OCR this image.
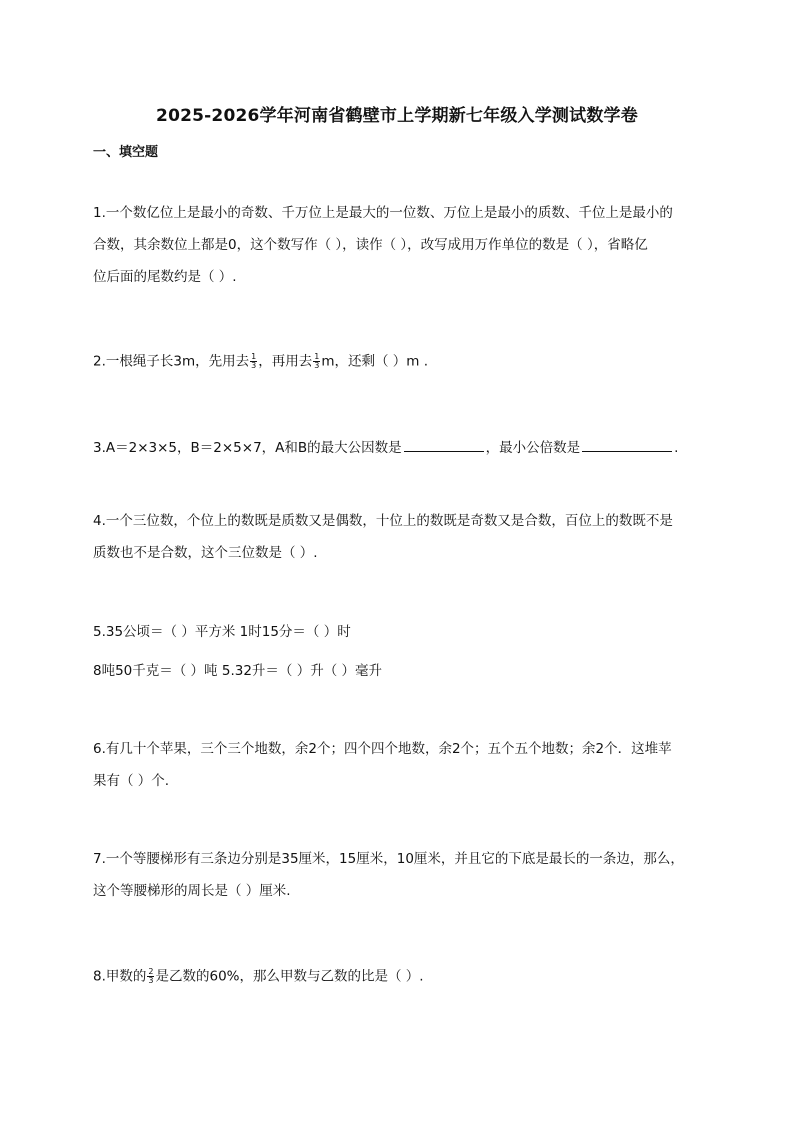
2025-2026学年河南省鹤壁市上学期新七年级入学测试数学卷
一、填空题
1.一个数亿位上是最小的奇数、千万位上是最大的一位数、万位上是最小的质数、千位上是最小的
合数，其余数位上都是0，这个数写作（ ），读作（ ），改写成用万作单位的数是（ ），省略亿
位后面的尾数约是（ ）.
2.一根绳子长3m，先用去 $\frac{1}{3}$ ，再用去 $\frac{1}{3}$ m，还剩（ ）m .
3.A＝2×3×5，B＝2×5×7，A和B的最大公因数是	，最小公倍数是	.
4.一个三位数，个位上的数既是质数又是偶数，十位上的数既是奇数又是合数，百位上的数既不是
质数也不是合数，这个三位数是（ ）.
5.35公顷＝（ ）平方米 1时15分＝（ ）时
8吨50千克＝（ ）吨 5.32升＝（ ）升（ ）毫升
6.有几十个苹果，三个三个地数，余2个；四个四个地数，余2个；五个五个地数；余2个．这堆苹
果有（ ）个.
7.一个等腰梯形有三条边分别是35厘米，15厘米，10厘米，并且它的下底是最长的一条边，那么，
这个等腰梯形的周长是（ ）厘米.
8.甲数的 $\frac{2}{3}$ 是乙数的60%，那么甲数与乙数的比是（ ）.
